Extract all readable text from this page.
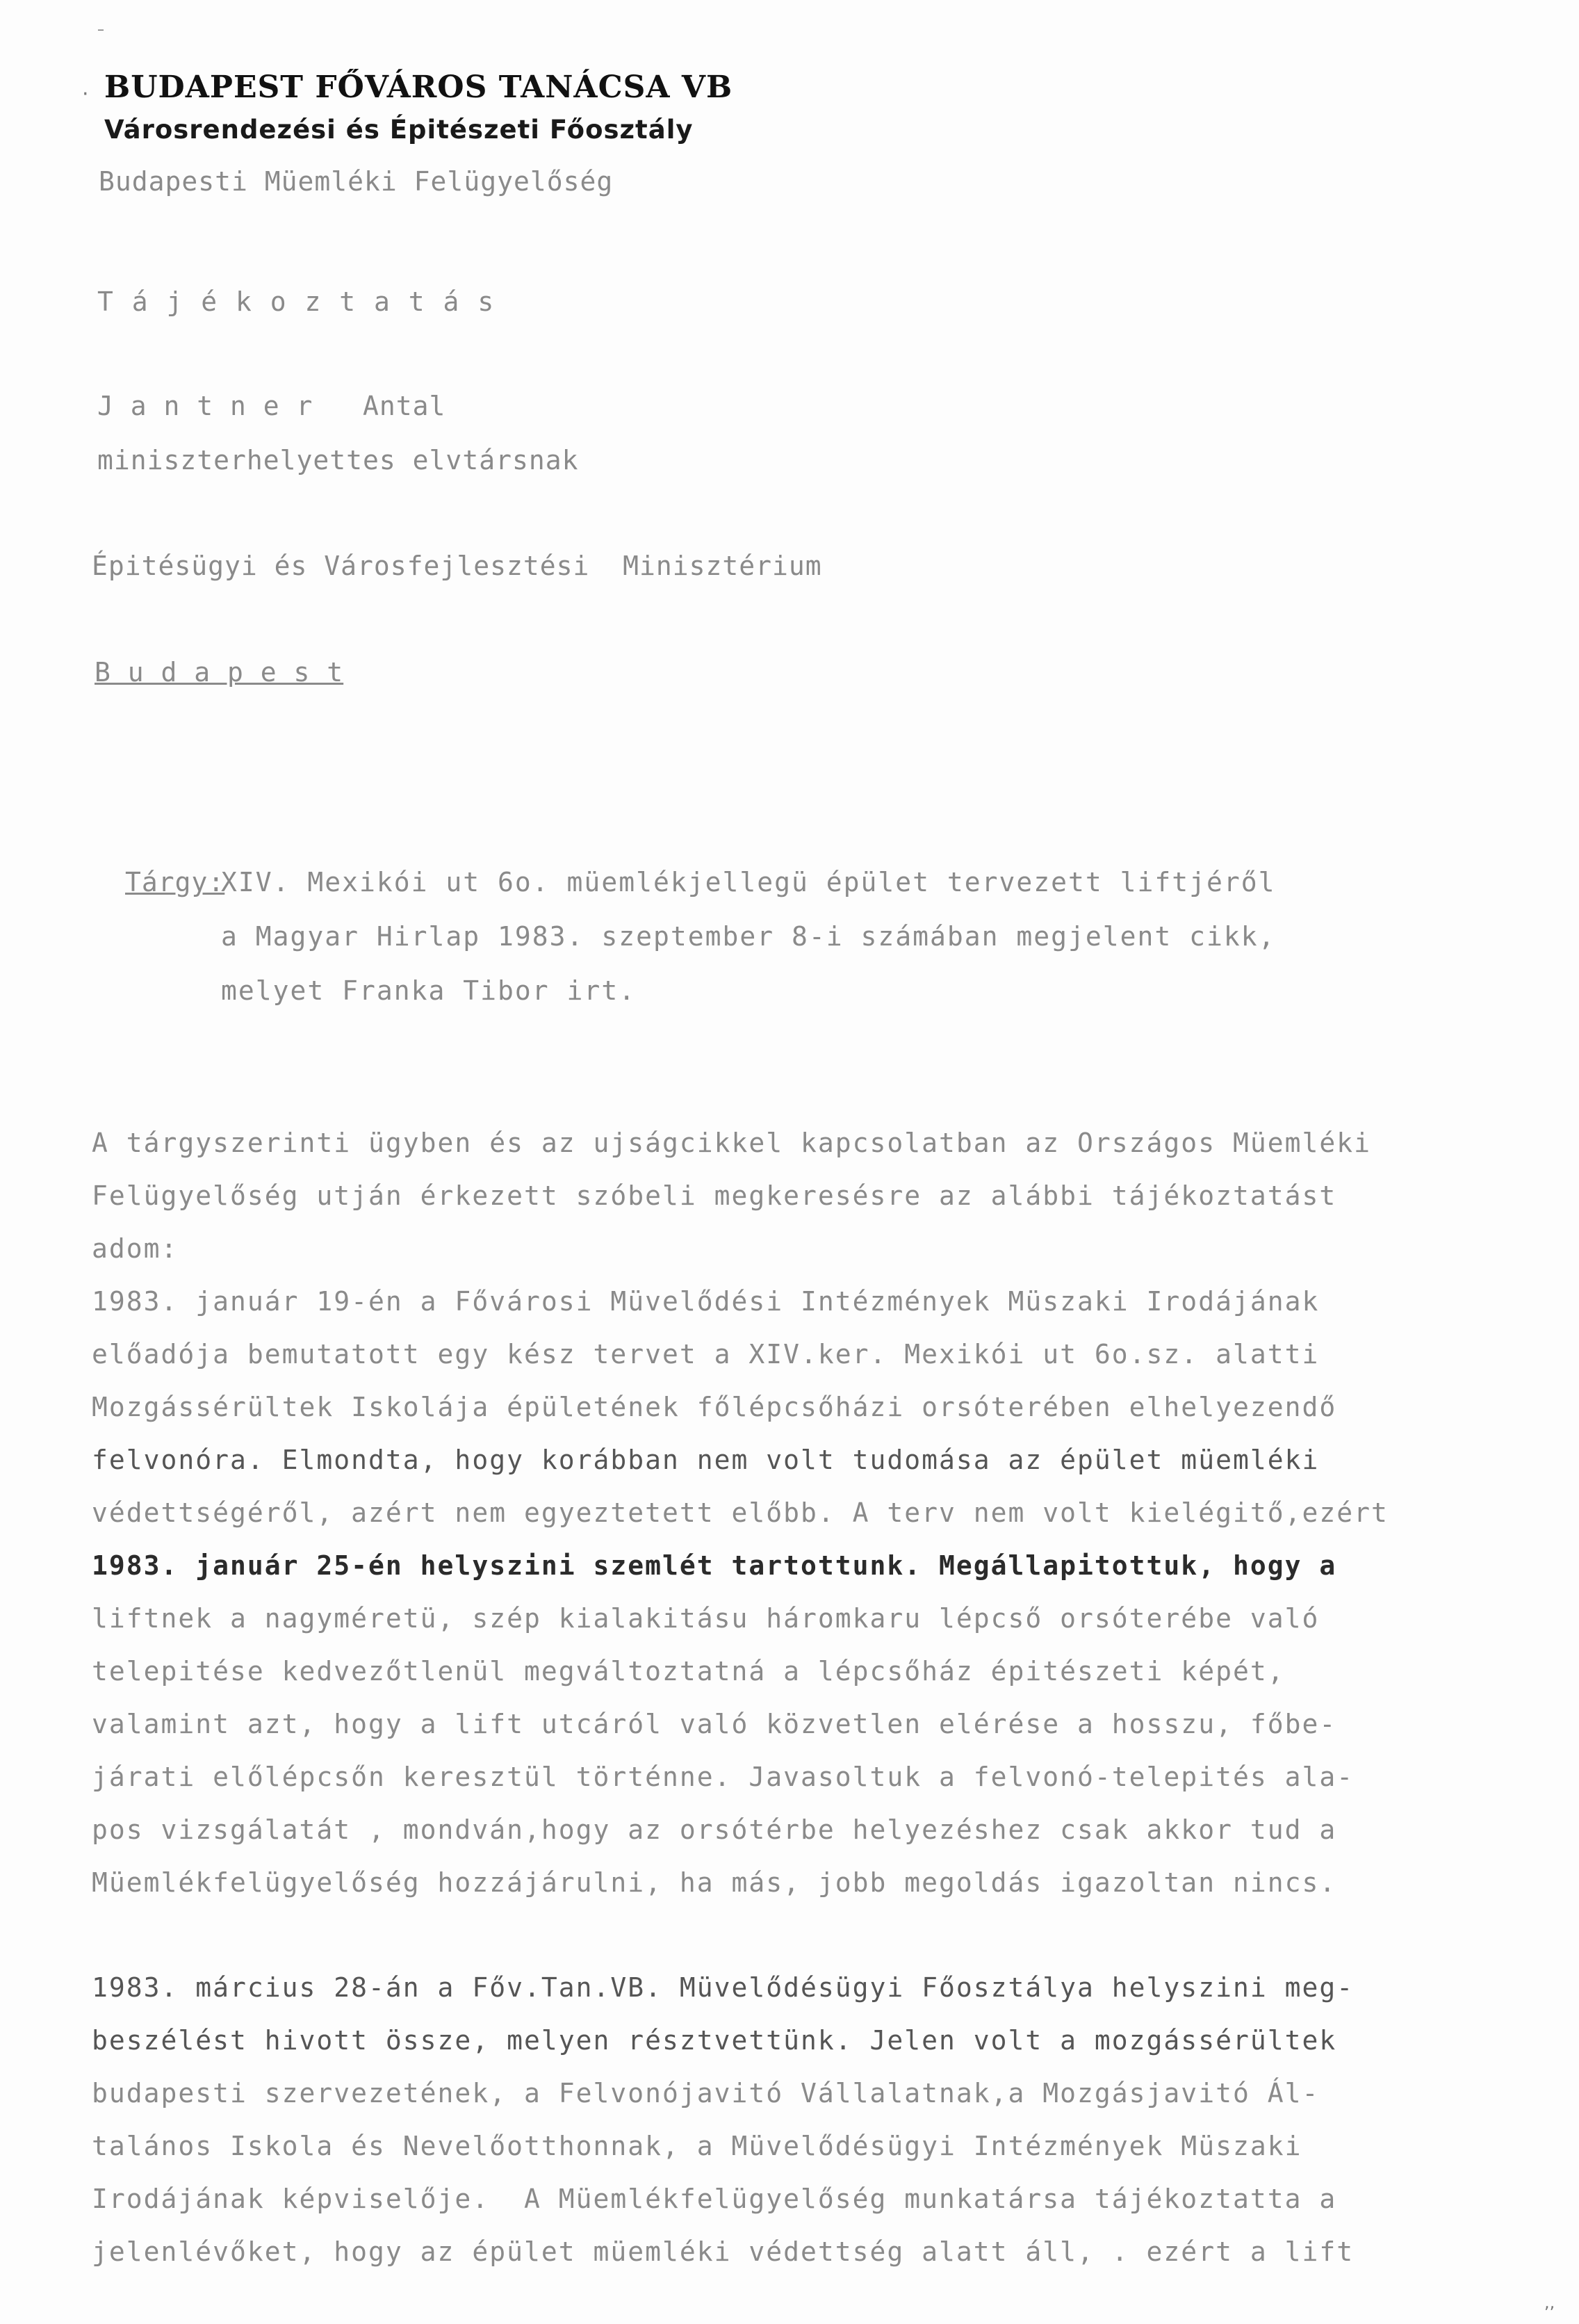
–
· BUDAPEST FŐVÁROS TANÁCSA VB
Városrendezési és Épitészeti Főosztály
Budapesti Müemléki Felügyelőség
T á j é k o z t a t á s
J a n t n e r   Antal
miniszterhelyettes elvtársnak
Épitésügyi és Városfejlesztési  Minisztérium
B u d a p e s t
Tárgy:
XIV. Mexikói ut 6o. müemlékjellegü épület tervezett liftjéről
a Magyar Hirlap 1983. szeptember 8-i számában megjelent cikk,
melyet Franka Tibor irt.
A tárgyszerinti ügyben és az ujságcikkel kapcsolatban az Országos Müemléki
Felügyelőség utján érkezett szóbeli megkeresésre az alábbi tájékoztatást
adom:
1983. január 19-én a Fővárosi Müvelődési Intézmények Müszaki Irodájának
előadója bemutatott egy kész tervet a XIV.ker. Mexikói ut 6o.sz. alatti
Mozgássérültek Iskolája épületének főlépcsőházi orsóterében elhelyezendő
felvonóra. Elmondta, hogy korábban nem volt tudomása az épület müemléki
védettségéről, azért nem egyeztetett előbb. A terv nem volt kielégitő,ezért
1983. január 25-én helyszini szemlét tartottunk. Megállapitottuk, hogy a
liftnek a nagyméretü, szép kialakitásu háromkaru lépcső orsóterébe való
telepitése kedvezőtlenül megváltoztatná a lépcsőház épitészeti képét,
valamint azt, hogy a lift utcáról való közvetlen elérése a hosszu, főbe-
járati előlépcsőn keresztül történne. Javasoltuk a felvonó-telepités ala-
pos vizsgálatát , mondván,hogy az orsótérbe helyezéshez csak akkor tud a
Müemlékfelügyelőség hozzájárulni, ha más, jobb megoldás igazoltan nincs.
1983. március 28-án a Főv.Tan.VB. Müvelődésügyi Főosztálya helyszini meg-
beszélést hivott össze, melyen résztvettünk. Jelen volt a mozgássérültek
budapesti szervezetének, a Felvonójavitó Vállalatnak,a Mozgásjavitó Ál-
talános Iskola és Nevelőotthonnak, a Müvelődésügyi Intézmények Müszaki
Irodájának képviselője.  A Müemlékfelügyelőség munkatársa tájékoztatta a
jelenlévőket, hogy az épület müemléki védettség alatt áll, . ezért a lift
,,
